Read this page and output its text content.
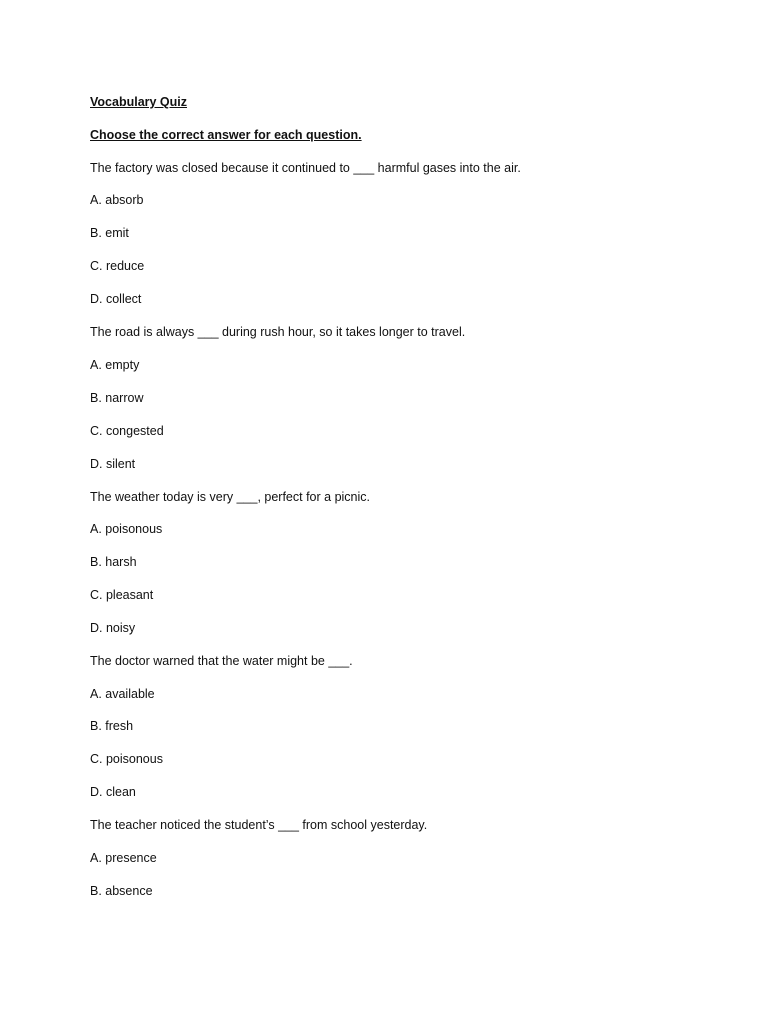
Vocabulary Quiz

Choose the correct answer for each question.

The factory was closed because it continued to ___ harmful gases into the air.

A. absorb

B. emit

C. reduce

D. collect

The road is always ___ during rush hour, so it takes longer to travel.

A. empty

B. narrow

C. congested

D. silent

The weather today is very ___, perfect for a picnic.

A. poisonous

B. harsh

C. pleasant

D. noisy

The doctor warned that the water might be ___.

A. available

B. fresh

C. poisonous

D. clean

The teacher noticed the student’s ___ from school yesterday.

A. presence

B. absence
